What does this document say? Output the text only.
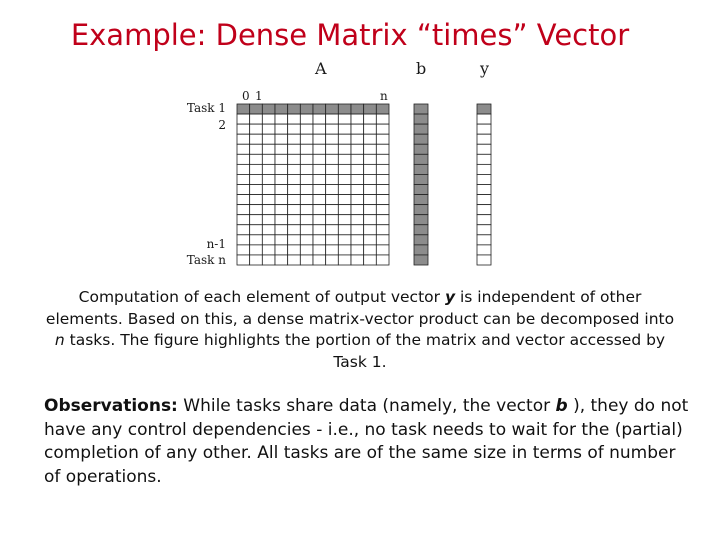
Example: Dense Matrix “times” Vector
A	b	y
0 1	n
Task 1
2
n-1
Task n
Computation of each element of output vector y is independent of other elements. Based on this, a dense matrix-vector product can be decomposed into n tasks. The figure highlights the portion of the matrix and vector accessed by Task 1.
Observations: While tasks share data (namely, the vector b ), they do not have any control dependencies - i.e., no task needs to wait for the (partial) completion of any other. All tasks are of the same size in terms of number of operations.
